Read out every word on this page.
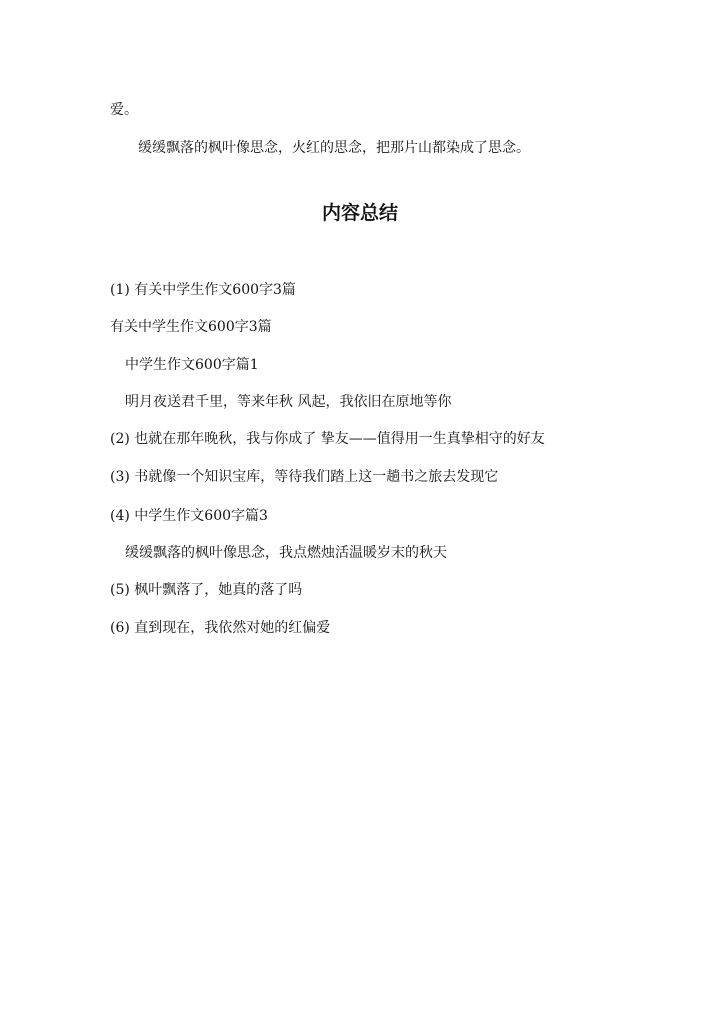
爱。
缓缓飘落的枫叶像思念，火红的思念，把那片山都染成了思念。
内容总结
(1) 有关中学生作文600字3篇
有关中学生作文600字3篇
中学生作文600字篇1
明月夜送君千里，等来年秋 风起，我依旧在原地等你
(2) 也就在那年晚秋，我与你成了 挚友——值得用一生真挚相守的好友
(3) 书就像一个知识宝库，等待我们踏上这一趟书之旅去发现它
(4) 中学生作文600字篇3
缓缓飘落的枫叶像思念，我点燃烛活温暖岁末的秋天
(5) 枫叶飘落了，她真的落了吗
(6) 直到现在，我依然对她的红偏爱
